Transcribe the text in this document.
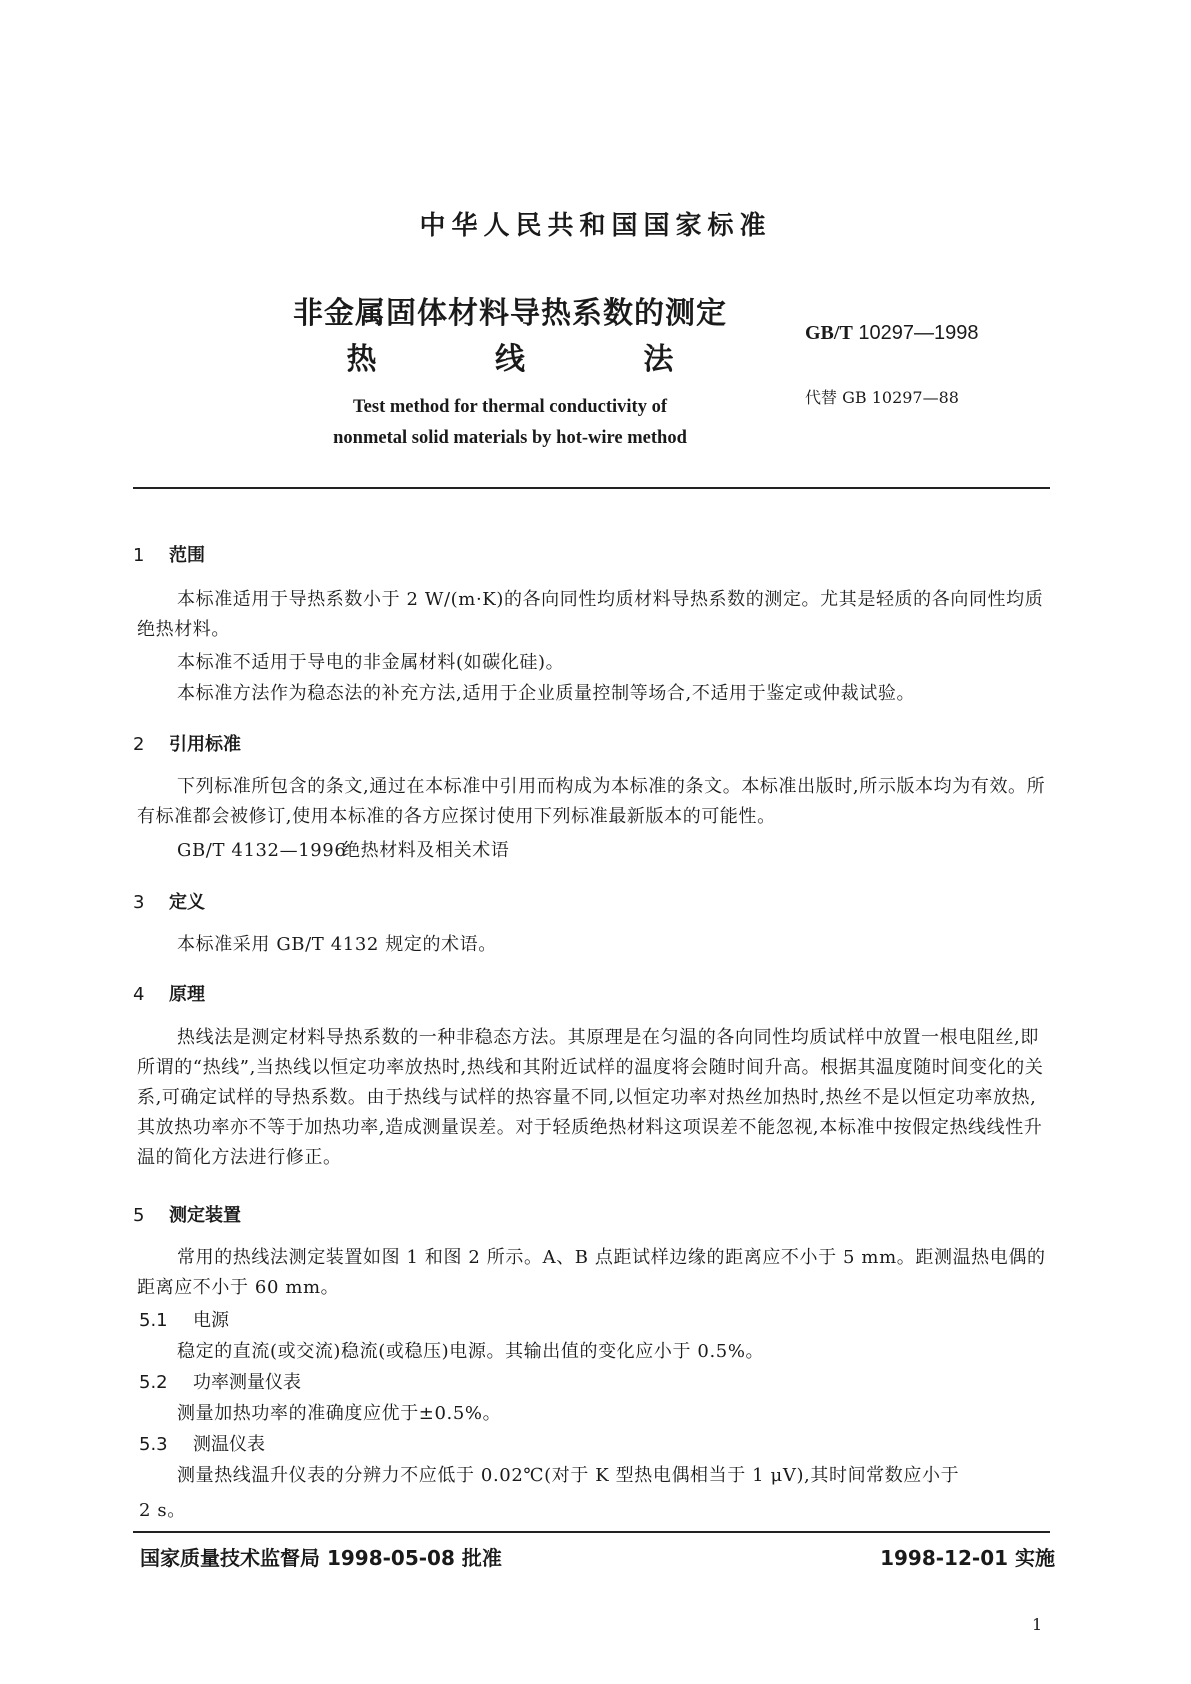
中华人民共和国国家标准
非金属固体材料导热系数的测定
热 线 法
Test method for thermal conductivity of
nonmetal solid materials by hot-wire method
GB/T 10297—1998
代替 GB 10297—88
1 范围
本标准适用于导热系数小于 2 W/(m·K)的各向同性均质材料导热系数的测定。尤其是轻质的各向同性均质绝热材料。
本标准不适用于导电的非金属材料(如碳化硅)。
本标准方法作为稳态法的补充方法,适用于企业质量控制等场合,不适用于鉴定或仲裁试验。
2 引用标准
下列标准所包含的条文,通过在本标准中引用而构成为本标准的条文。本标准出版时,所示版本均为有效。所有标准都会被修订,使用本标准的各方应探讨使用下列标准最新版本的可能性。
GB/T 4132—1996绝热材料及相关术语
3 定义
本标准采用 GB/T 4132 规定的术语。
4 原理
热线法是测定材料导热系数的一种非稳态方法。其原理是在匀温的各向同性均质试样中放置一根电阻丝,即所谓的“热线”,当热线以恒定功率放热时,热线和其附近试样的温度将会随时间升高。根据其温度随时间变化的关系,可确定试样的导热系数。由于热线与试样的热容量不同,以恒定功率对热丝加热时,热丝不是以恒定功率放热,其放热功率亦不等于加热功率,造成测量误差。对于轻质绝热材料这项误差不能忽视,本标准中按假定热线线性升温的简化方法进行修正。
5 测定装置
常用的热线法测定装置如图 1 和图 2 所示。A、B 点距试样边缘的距离应不小于 5 mm。距测温热电偶的距离应不小于 60 mm。
5.1 电源
稳定的直流(或交流)稳流(或稳压)电源。其输出值的变化应小于 0.5%。
5.2 功率测量仪表
测量加热功率的准确度应优于±0.5%。
5.3 测温仪表
测量热线温升仪表的分辨力不应低于 0.02℃(对于 K 型热电偶相当于 1 μV),其时间常数应小于
2 s。
国家质量技术监督局 1998-05-08 批准	1998-12-01 实施
1
